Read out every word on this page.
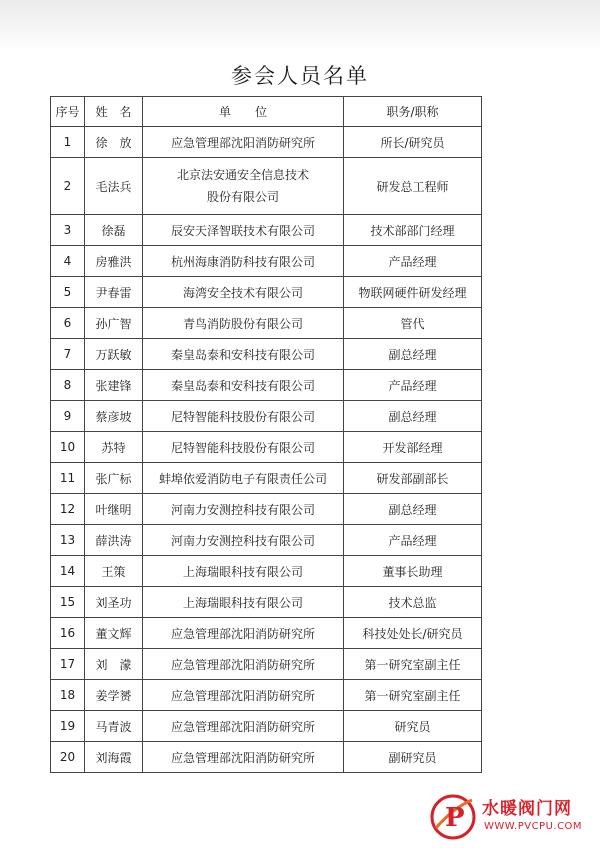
参会人员名单
序号	姓　名	单　　位	职务/职称
1	徐　放	应急管理部沈阳消防研究所	所长/研究员
2	毛法兵	北京法安通安全信息技术
股份有限公司	研发总工程师
3	徐磊	辰安天泽智联技术有限公司	技术部部门经理
4	房雅洪	杭州海康消防科技有限公司	产品经理
5	尹春雷	海湾安全技术有限公司	物联网硬件研发经理
6	孙广智	青鸟消防股份有限公司	管代
7	万跃敏	秦皇岛泰和安科技有限公司	副总经理
8	张建锋	秦皇岛泰和安科技有限公司	产品经理
9	蔡彦坡	尼特智能科技股份有限公司	副总经理
10	苏特	尼特智能科技股份有限公司	开发部经理
11	张广标	蚌埠依爱消防电子有限责任公司	研发部副部长
12	叶继明	河南力安测控科技有限公司	副总经理
13	薛洪涛	河南力安测控科技有限公司	产品经理
14	王策	上海瑞眼科技有限公司	董事长助理
15	刘圣功	上海瑞眼科技有限公司	技术总监
16	董文辉	应急管理部沈阳消防研究所	科技处处长/研究员
17	刘　濛	应急管理部沈阳消防研究所	第一研究室副主任
18	姜学赟	应急管理部沈阳消防研究所	第一研究室副主任
19	马青波	应急管理部沈阳消防研究所	研究员
20	刘海霞	应急管理部沈阳消防研究所	副研究员
P 水暖阀门网
WWW.PVCPU.COM
